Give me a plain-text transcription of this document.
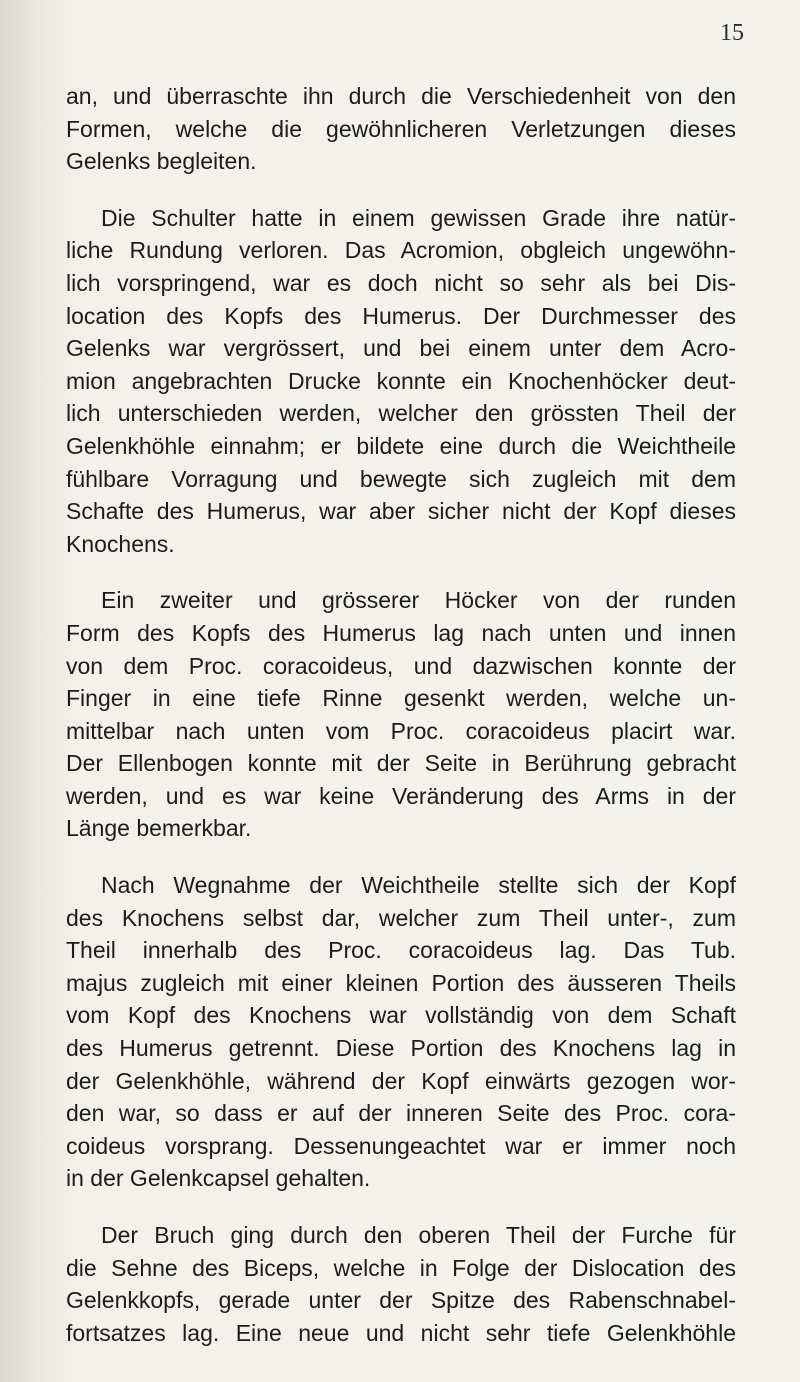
15
an, und überraschte ihn durch die Verschiedenheit von den
Formen, welche die gewöhnlicheren Verletzungen dieses
Gelenks begleiten.
Die Schulter hatte in einem gewissen Grade ihre natür-
liche Rundung verloren. Das Acromion, obgleich ungewöhn-
lich vorspringend, war es doch nicht so sehr als bei Dis-
location des Kopfs des Humerus. Der Durchmesser des
Gelenks war vergrössert, und bei einem unter dem Acro-
mion angebrachten Drucke konnte ein Knochenhöcker deut-
lich unterschieden werden, welcher den grössten Theil der
Gelenkhöhle einnahm; er bildete eine durch die Weichtheile
fühlbare Vorragung und bewegte sich zugleich mit dem
Schafte des Humerus, war aber sicher nicht der Kopf dieses
Knochens.
Ein zweiter und grösserer Höcker von der runden
Form des Kopfs des Humerus lag nach unten und innen
von dem Proc. coracoideus, und dazwischen konnte der
Finger in eine tiefe Rinne gesenkt werden, welche un-
mittelbar nach unten vom Proc. coracoideus placirt war.
Der Ellenbogen konnte mit der Seite in Berührung gebracht
werden, und es war keine Veränderung des Arms in der
Länge bemerkbar.
Nach Wegnahme der Weichtheile stellte sich der Kopf
des Knochens selbst dar, welcher zum Theil unter-, zum
Theil innerhalb des Proc. coracoideus lag. Das Tub.
majus zugleich mit einer kleinen Portion des äusseren Theils
vom Kopf des Knochens war vollständig von dem Schaft
des Humerus getrennt. Diese Portion des Knochens lag in
der Gelenkhöhle, während der Kopf einwärts gezogen wor-
den war, so dass er auf der inneren Seite des Proc. cora-
coideus vorsprang. Dessenungeachtet war er immer noch
in der Gelenkcapsel gehalten.
Der Bruch ging durch den oberen Theil der Furche für
die Sehne des Biceps, welche in Folge der Dislocation des
Gelenkkopfs, gerade unter der Spitze des Rabenschnabel-
fortsatzes lag. Eine neue und nicht sehr tiefe Gelenkhöhle
